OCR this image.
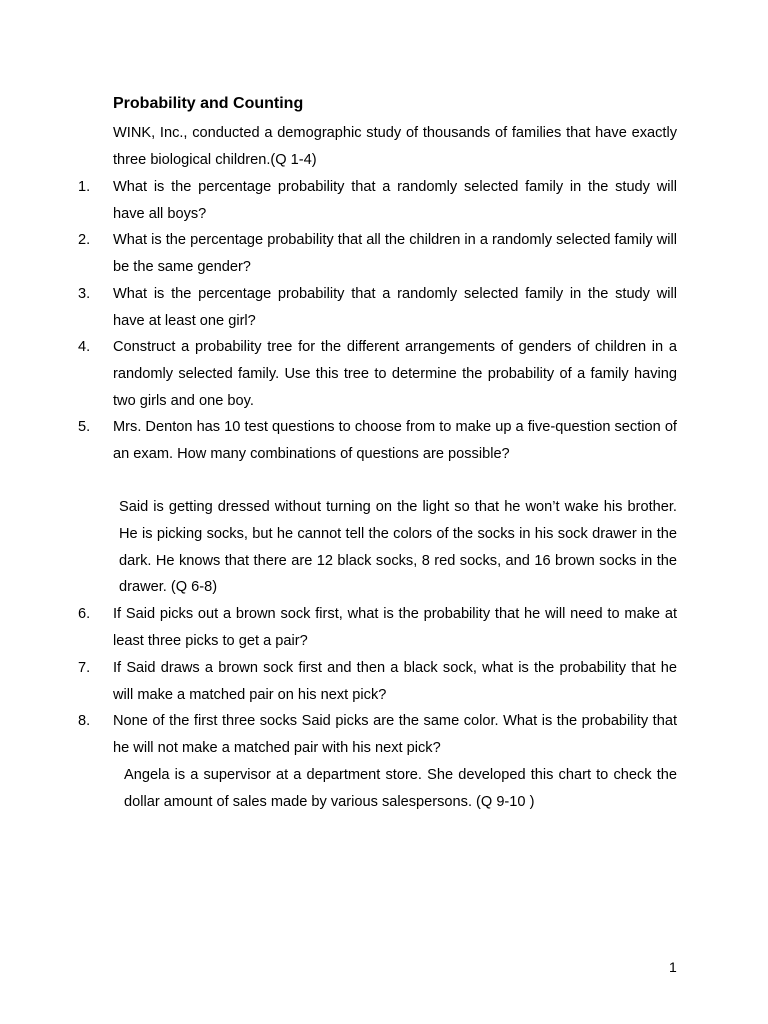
Probability and Counting
WINK, Inc., conducted a demographic study of thousands of families that have exactly three biological children.(Q 1-4)
1. What is the percentage probability that a randomly selected family in the study will have all boys?
2. What is the percentage probability that all the children in a randomly selected family will be the same gender?
3. What is the percentage probability that a randomly selected family in the study will have at least one girl?
4. Construct a probability tree for the different arrangements of genders of children in a randomly selected family. Use this tree to determine the probability of a family having two girls and one boy.
5. Mrs. Denton has 10 test questions to choose from to make up a five-question section of an exam. How many combinations of questions are possible?
Said is getting dressed without turning on the light so that he won’t wake his brother. He is picking socks, but he cannot tell the colors of the socks in his sock drawer in the dark. He knows that there are 12 black socks, 8 red socks, and 16 brown socks in the drawer. (Q 6-8)
6. If Said picks out a brown sock first, what is the probability that he will need to make at least three picks to get a pair?
7. If Said draws a brown sock first and then a black sock, what is the probability that he will make a matched pair on his next pick?
8. None of the first three socks Said picks are the same color. What is the probability that he will not make a matched pair with his next pick?
Angela is a supervisor at a department store. She developed this chart to check the dollar amount of sales made by various salespersons. (Q 9-10 )
1
